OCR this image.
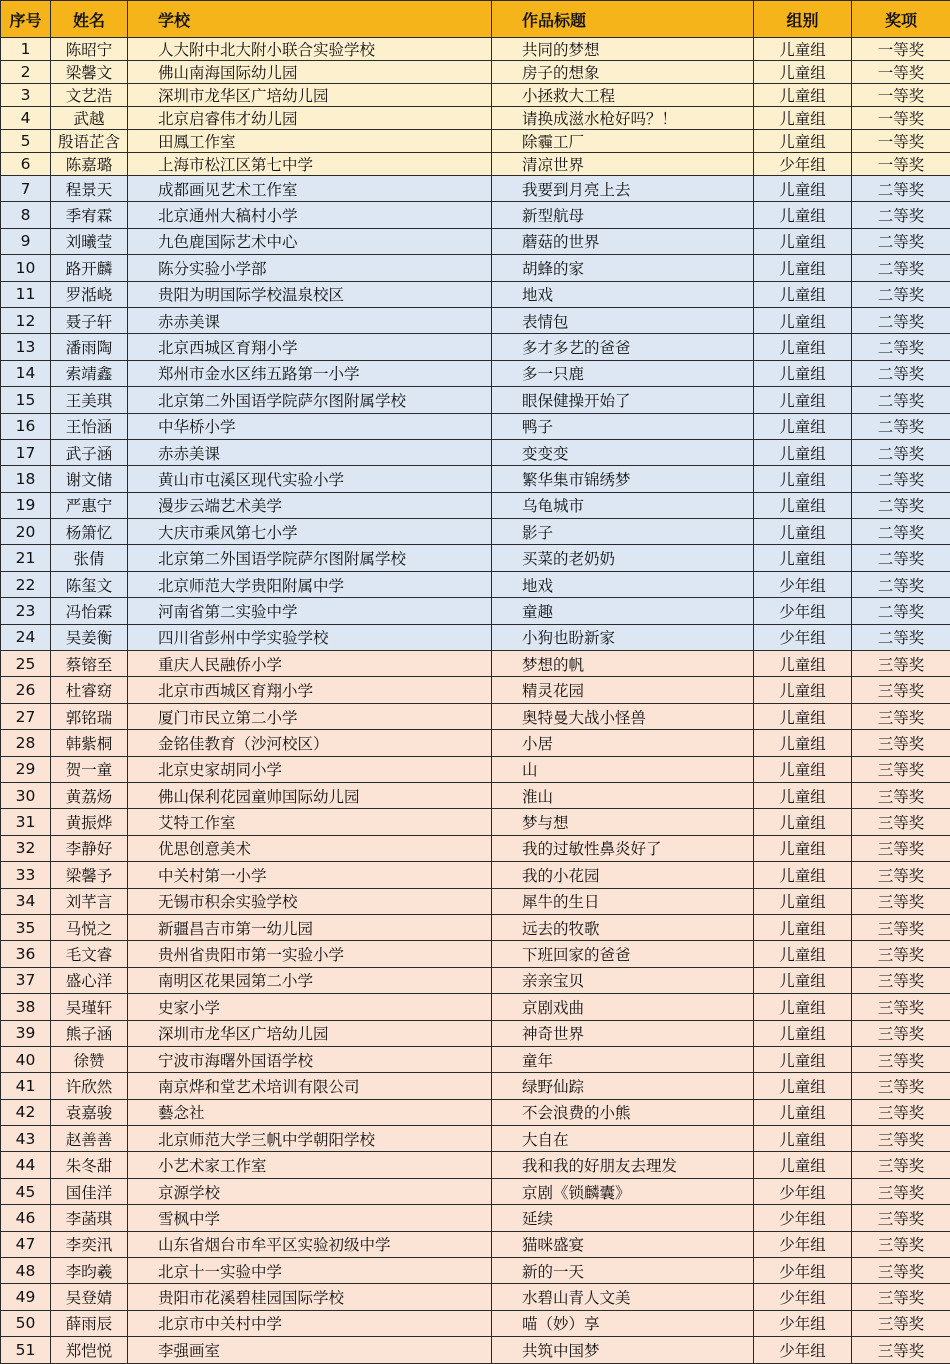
序号	姓名	学校	作品标题	组别	奖项
1	陈昭宁	人大附中北大附小联合实验学校	共同的梦想	儿童组	一等奖
2	梁馨文	佛山南海国际幼儿园	房子的想象	儿童组	一等奖
3	文艺浩	深圳市龙华区广培幼儿园	小拯救大工程	儿童组	一等奖
4	武越	北京启睿伟才幼儿园	请换成滋水枪好吗？！	儿童组	一等奖
5	殷语芷含	田鳳工作室	除霾工厂	儿童组	一等奖
6	陈嘉璐	上海市松江区第七中学	清凉世界	少年组	一等奖
7	程景天	成都画见艺术工作室	我要到月亮上去	儿童组	二等奖
8	季宥霖	北京通州大稿村小学	新型航母	儿童组	二等奖
9	刘曦莹	九色鹿国际艺术中心	蘑菇的世界	儿童组	二等奖
10	路开麟	陈分实验小学部	胡蜂的家	儿童组	二等奖
11	罗湉峣	贵阳为明国际学校温泉校区	地戏	儿童组	二等奖
12	聂子轩	赤赤美课	表情包	儿童组	二等奖
13	潘雨陶	北京西城区育翔小学	多才多艺的爸爸	儿童组	二等奖
14	索靖鑫	郑州市金水区纬五路第一小学	多一只鹿	儿童组	二等奖
15	王美琪	北京第二外国语学院萨尔图附属学校	眼保健操开始了	儿童组	二等奖
16	王怡涵	中华桥小学	鸭子	儿童组	二等奖
17	武子涵	赤赤美课	变变变	儿童组	二等奖
18	谢文储	黄山市屯溪区现代实验小学	繁华集市锦绣梦	儿童组	二等奖
19	严惠宁	漫步云端艺术美学	乌龟城市	儿童组	二等奖
20	杨箫忆	大庆市乘风第七小学	影子	儿童组	二等奖
21	张倩	北京第二外国语学院萨尔图附属学校	买菜的老奶奶	儿童组	二等奖
22	陈玺文	北京师范大学贵阳附属中学	地戏	少年组	二等奖
23	冯怡霖	河南省第二实验中学	童趣	少年组	二等奖
24	吴姜衡	四川省彭州中学实验学校	小狗也盼新家	少年组	二等奖
25	蔡镕至	重庆人民融侨小学	梦想的帆	儿童组	三等奖
26	杜睿窈	北京市西城区育翔小学	精灵花园	儿童组	三等奖
27	郭铭瑞	厦门市民立第二小学	奥特曼大战小怪兽	儿童组	三等奖
28	韩紫桐	金铭佳教育（沙河校区）	小居	儿童组	三等奖
29	贺一童	北京史家胡同小学	山	儿童组	三等奖
30	黄荔炀	佛山保利花园童帅国际幼儿园	淮山	儿童组	三等奖
31	黄振烨	艾特工作室	梦与想	儿童组	三等奖
32	李静好	优思创意美术	我的过敏性鼻炎好了	儿童组	三等奖
33	梁馨予	中关村第一小学	我的小花园	儿童组	三等奖
34	刘芊言	无锡市积余实验学校	犀牛的生日	儿童组	三等奖
35	马悦之	新疆昌吉市第一幼儿园	远去的牧歌	儿童组	三等奖
36	毛文睿	贵州省贵阳市第一实验小学	下班回家的爸爸	儿童组	三等奖
37	盛心洋	南明区花果园第二小学	亲亲宝贝	儿童组	三等奖
38	吴瑾轩	史家小学	京剧戏曲	儿童组	三等奖
39	熊子涵	深圳市龙华区广培幼儿园	神奇世界	儿童组	三等奖
40	徐赞	宁波市海曙外国语学校	童年	儿童组	三等奖
41	许欣然	南京烨和堂艺术培训有限公司	绿野仙踪	儿童组	三等奖
42	袁嘉骏	藝念社	不会浪费的小熊	儿童组	三等奖
43	赵善善	北京师范大学三帆中学朝阳学校	大自在	儿童组	三等奖
44	朱冬甜	小艺术家工作室	我和我的好朋友去理发	儿童组	三等奖
45	国佳洋	京源学校	京剧《锁麟囊》	少年组	三等奖
46	李菡琪	雪枫中学	延续	少年组	三等奖
47	李奕汛	山东省烟台市牟平区实验初级中学	猫咪盛宴	少年组	三等奖
48	李昀羲	北京十一实验中学	新的一天	少年组	三等奖
49	吴登婧	贵阳市花溪碧桂园国际学校	水碧山青人文美	少年组	三等奖
50	薛雨辰	北京市中关村中学	喵（妙）享	少年组	三等奖
51	郑恺悦	李强画室	共筑中国梦	少年组	三等奖
